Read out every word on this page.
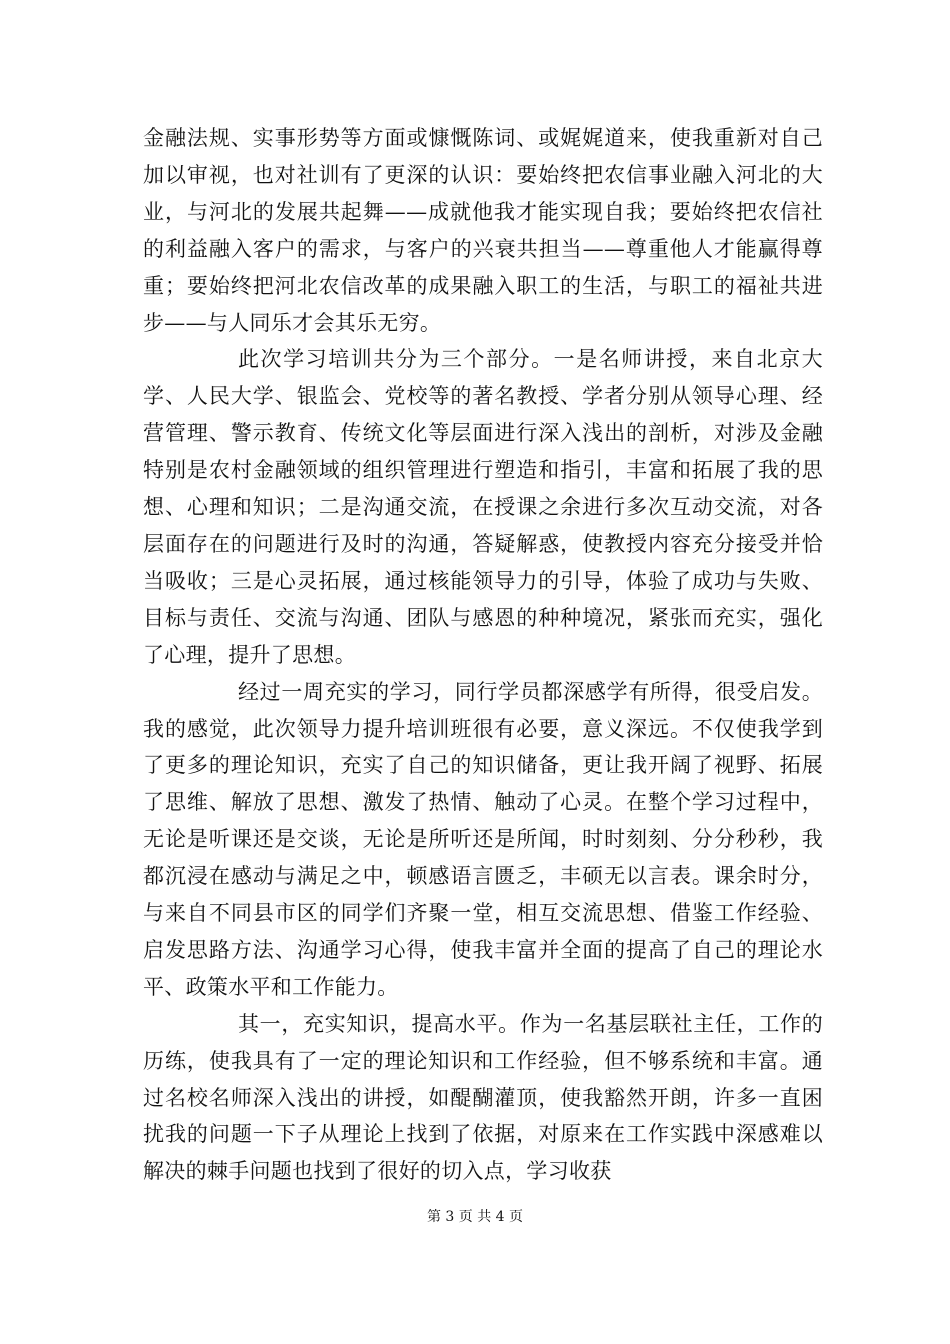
金融法规、实事形势等方面或慷慨陈词、或娓娓道来，使我重新对自己加以审视，也对社训有了更深的认识：要始终把农信事业融入河北的大业，与河北的发展共起舞——成就他我才能实现自我；要始终把农信社的利益融入客户的需求，与客户的兴衰共担当——尊重他人才能赢得尊重；要始终把河北农信改革的成果融入职工的生活，与职工的福祉共进步——与人同乐才会其乐无穷。

此次学习培训共分为三个部分。一是名师讲授，来自北京大学、人民大学、银监会、党校等的著名教授、学者分别从领导心理、经营管理、警示教育、传统文化等层面进行深入浅出的剖析，对涉及金融特别是农村金融领域的组织管理进行塑造和指引，丰富和拓展了我的思想、心理和知识；二是沟通交流，在授课之余进行多次互动交流，对各层面存在的问题进行及时的沟通，答疑解惑，使教授内容充分接受并恰当吸收；三是心灵拓展，通过核能领导力的引导，体验了成功与失败、目标与责任、交流与沟通、团队与感恩的种种境况，紧张而充实，强化了心理，提升了思想。

经过一周充实的学习，同行学员都深感学有所得，很受启发。我的感觉，此次领导力提升培训班很有必要，意义深远。不仅使我学到了更多的理论知识，充实了自己的知识储备，更让我开阔了视野、拓展了思维、解放了思想、激发了热情、触动了心灵。在整个学习过程中，无论是听课还是交谈，无论是所听还是所闻，时时刻刻、分分秒秒，我都沉浸在感动与满足之中，顿感语言匮乏，丰硕无以言表。课余时分，与来自不同县市区的同学们齐聚一堂，相互交流思想、借鉴工作经验、启发思路方法、沟通学习心得，使我丰富并全面的提高了自己的理论水平、政策水平和工作能力。

其一，充实知识，提高水平。作为一名基层联社主任，工作的历练，使我具有了一定的理论知识和工作经验，但不够系统和丰富。通过名校名师深入浅出的讲授，如醍醐灌顶，使我豁然开朗，许多一直困扰我的问题一下子从理论上找到了依据，对原来在工作实践中深感难以解决的棘手问题也找到了很好的切入点，学习收获

第 3 页 共 4 页
